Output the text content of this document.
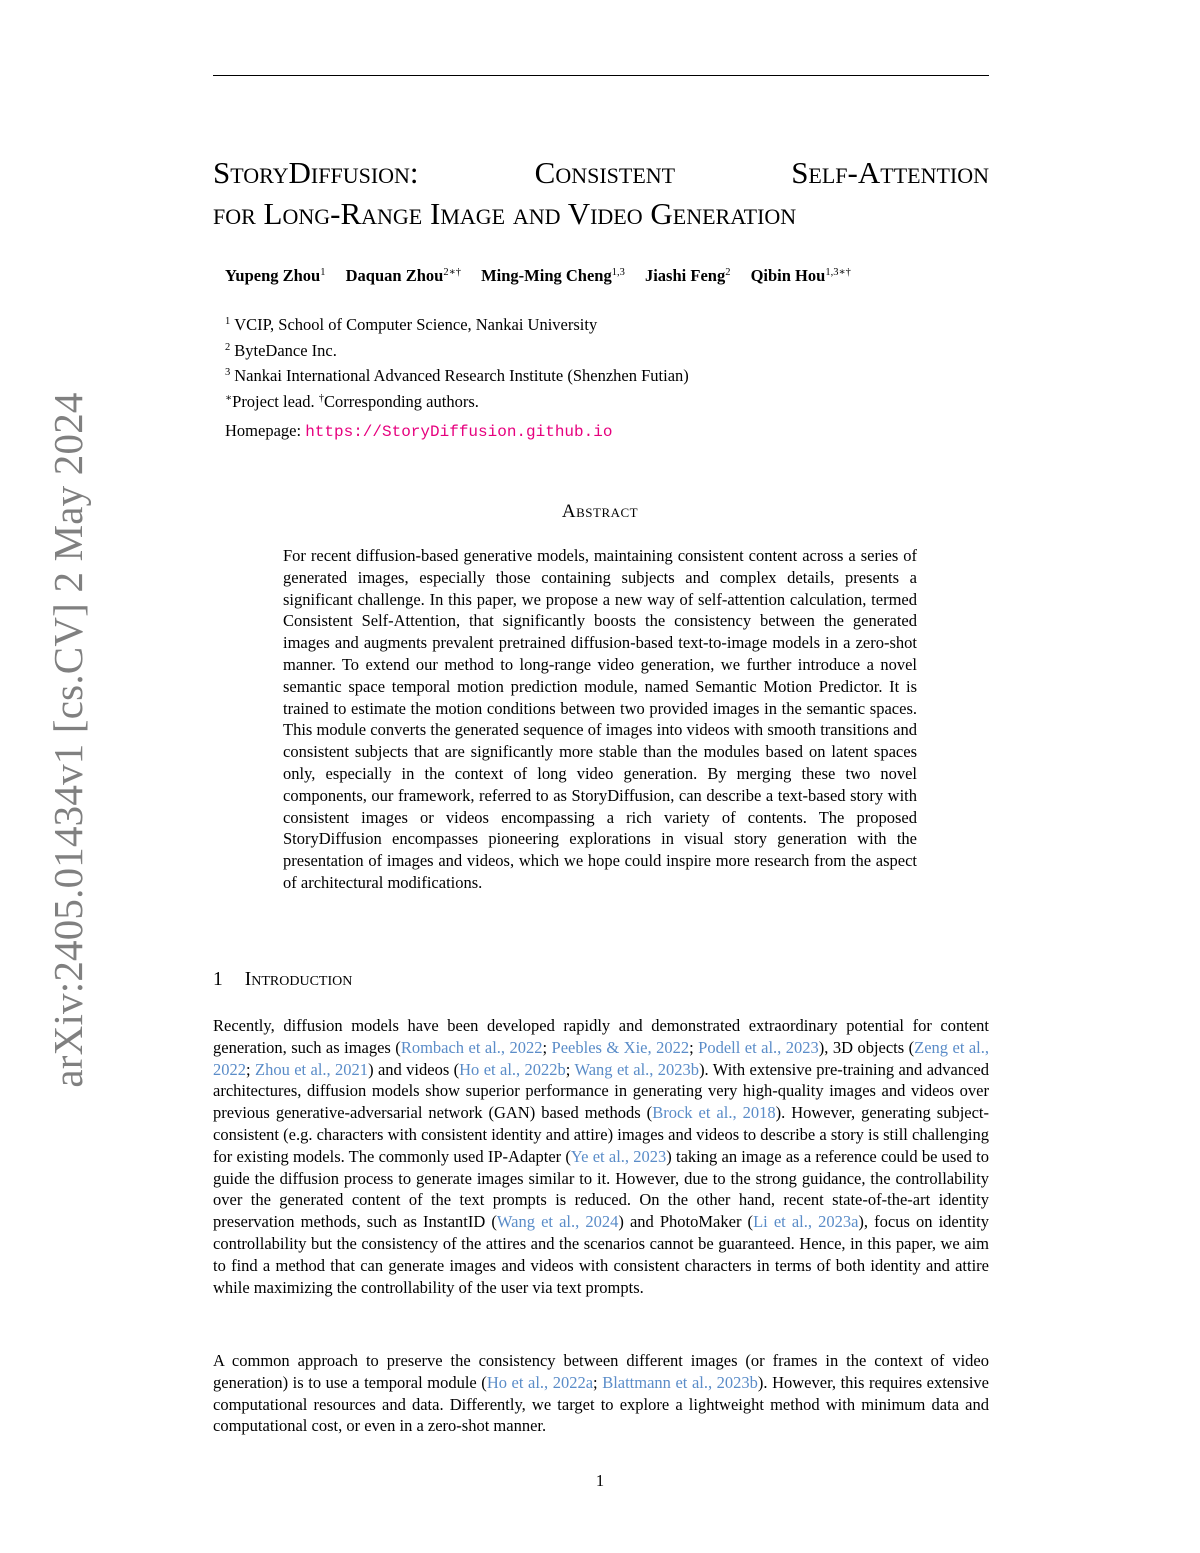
arXiv:2405.01434v1 [cs.CV] 2 May 2024
StoryDiffusion:	Consistent	Self-Attention
for Long-Range Image and Video Generation
Yupeng Zhou$^1$ Daquan Zhou$^{2∗\dagger}$ Ming-Ming Cheng$^{1,3}$ Jiashi Feng$^2$ Qibin Hou$^{1,3∗\dagger}$
$^1$ VCIP, School of Computer Science, Nankai University
$^2$ ByteDance Inc.
$^3$ Nankai International Advanced Research Institute (Shenzhen Futian)
∗Project lead. †Corresponding authors.
Homepage: https://StoryDiffusion.github.io
Abstract
For recent diffusion-based generative models, maintaining consistent content across a series of generated images, especially those containing subjects and complex details, presents a significant challenge. In this paper, we propose a new way of self-attention calculation, termed Consistent Self-Attention, that significantly boosts the consistency between the generated images and augments prevalent pretrained diffusion-based text-to-image models in a zero-shot manner. To extend our method to long-range video generation, we further introduce a novel semantic space temporal motion prediction module, named Semantic Motion Predictor. It is trained to estimate the motion conditions between two provided images in the semantic spaces. This module converts the generated sequence of images into videos with smooth transitions and consistent subjects that are significantly more stable than the modules based on latent spaces only, especially in the context of long video generation. By merging these two novel components, our framework, referred to as StoryDiffusion, can describe a text-based story with consistent images or videos encompassing a rich variety of contents. The proposed StoryDiffusion encompasses pioneering explorations in visual story generation with the presentation of images and videos, which we hope could inspire more research from the aspect of architectural modifications.
1 Introduction
Recently, diffusion models have been developed rapidly and demonstrated extraordinary potential for content generation, such as images (Rombach et al., 2022; Peebles & Xie, 2022; Podell et al., 2023), 3D objects (Zeng et al., 2022; Zhou et al., 2021) and videos (Ho et al., 2022b; Wang et al., 2023b). With extensive pre-training and advanced architectures, diffusion models show superior performance in generating very high-quality images and videos over previous generative-adversarial network (GAN) based methods (Brock et al., 2018). However, generating subject-consistent (e.g. characters with consistent identity and attire) images and videos to describe a story is still challenging for existing models. The commonly used IP-Adapter (Ye et al., 2023) taking an image as a reference could be used to guide the diffusion process to generate images similar to it. However, due to the strong guidance, the controllability over the generated content of the text prompts is reduced. On the other hand, recent state-of-the-art identity preservation methods, such as InstantID (Wang et al., 2024) and PhotoMaker (Li et al., 2023a), focus on identity controllability but the consistency of the attires and the scenarios cannot be guaranteed. Hence, in this paper, we aim to find a method that can generate images and videos with consistent characters in terms of both identity and attire while maximizing the controllability of the user via text prompts.
A common approach to preserve the consistency between different images (or frames in the context of video generation) is to use a temporal module (Ho et al., 2022a; Blattmann et al., 2023b). However, this requires extensive computational resources and data. Differently, we target to explore a lightweight method with minimum data and computational cost, or even in a zero-shot manner.
1
